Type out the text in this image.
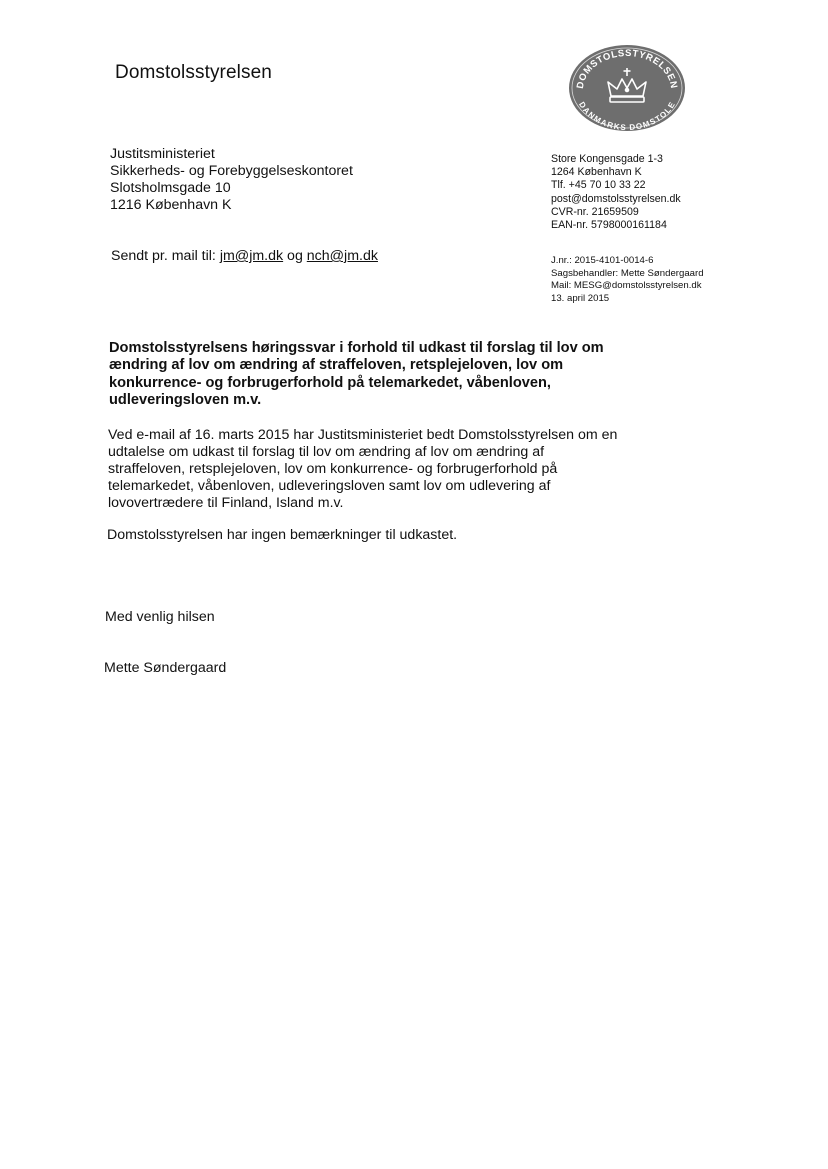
Domstolsstyrelsen
DOMSTOLSSTYRELSEN
DANMARKS DOMSTOLE
Justitsministeriet
Sikkerheds- og Forebyggelseskontoret
Slotsholmsgade 10
1216 København K
Sendt pr. mail til: jm@jm.dk og nch@jm.dk
Store Kongensgade 1-3
1264 København K
Tlf. +45 70 10 33 22
post@domstolsstyrelsen.dk
CVR-nr. 21659509
EAN-nr. 5798000161184
J.nr.: 2015-4101-0014-6
Sagsbehandler: Mette Søndergaard
Mail: MESG@domstolsstyrelsen.dk
13. april 2015
Domstolsstyrelsens høringssvar i forhold til udkast til forslag til lov om ændring af lov om ændring af straffeloven, retsplejeloven, lov om konkurrence- og forbrugerforhold på telemarkedet, våbenloven, udleveringsloven m.v.
Ved e-mail af 16. marts 2015 har Justitsministeriet bedt Domstolsstyrelsen om en udtalelse om udkast til forslag til lov om ændring af lov om ændring af straffeloven, retsplejeloven, lov om konkurrence- og forbrugerforhold på telemarkedet, våbenloven, udleveringsloven samt lov om udlevering af lovovertrædere til Finland, Island m.v.
Domstolsstyrelsen har ingen bemærkninger til udkastet.
Med venlig hilsen
Mette Søndergaard
